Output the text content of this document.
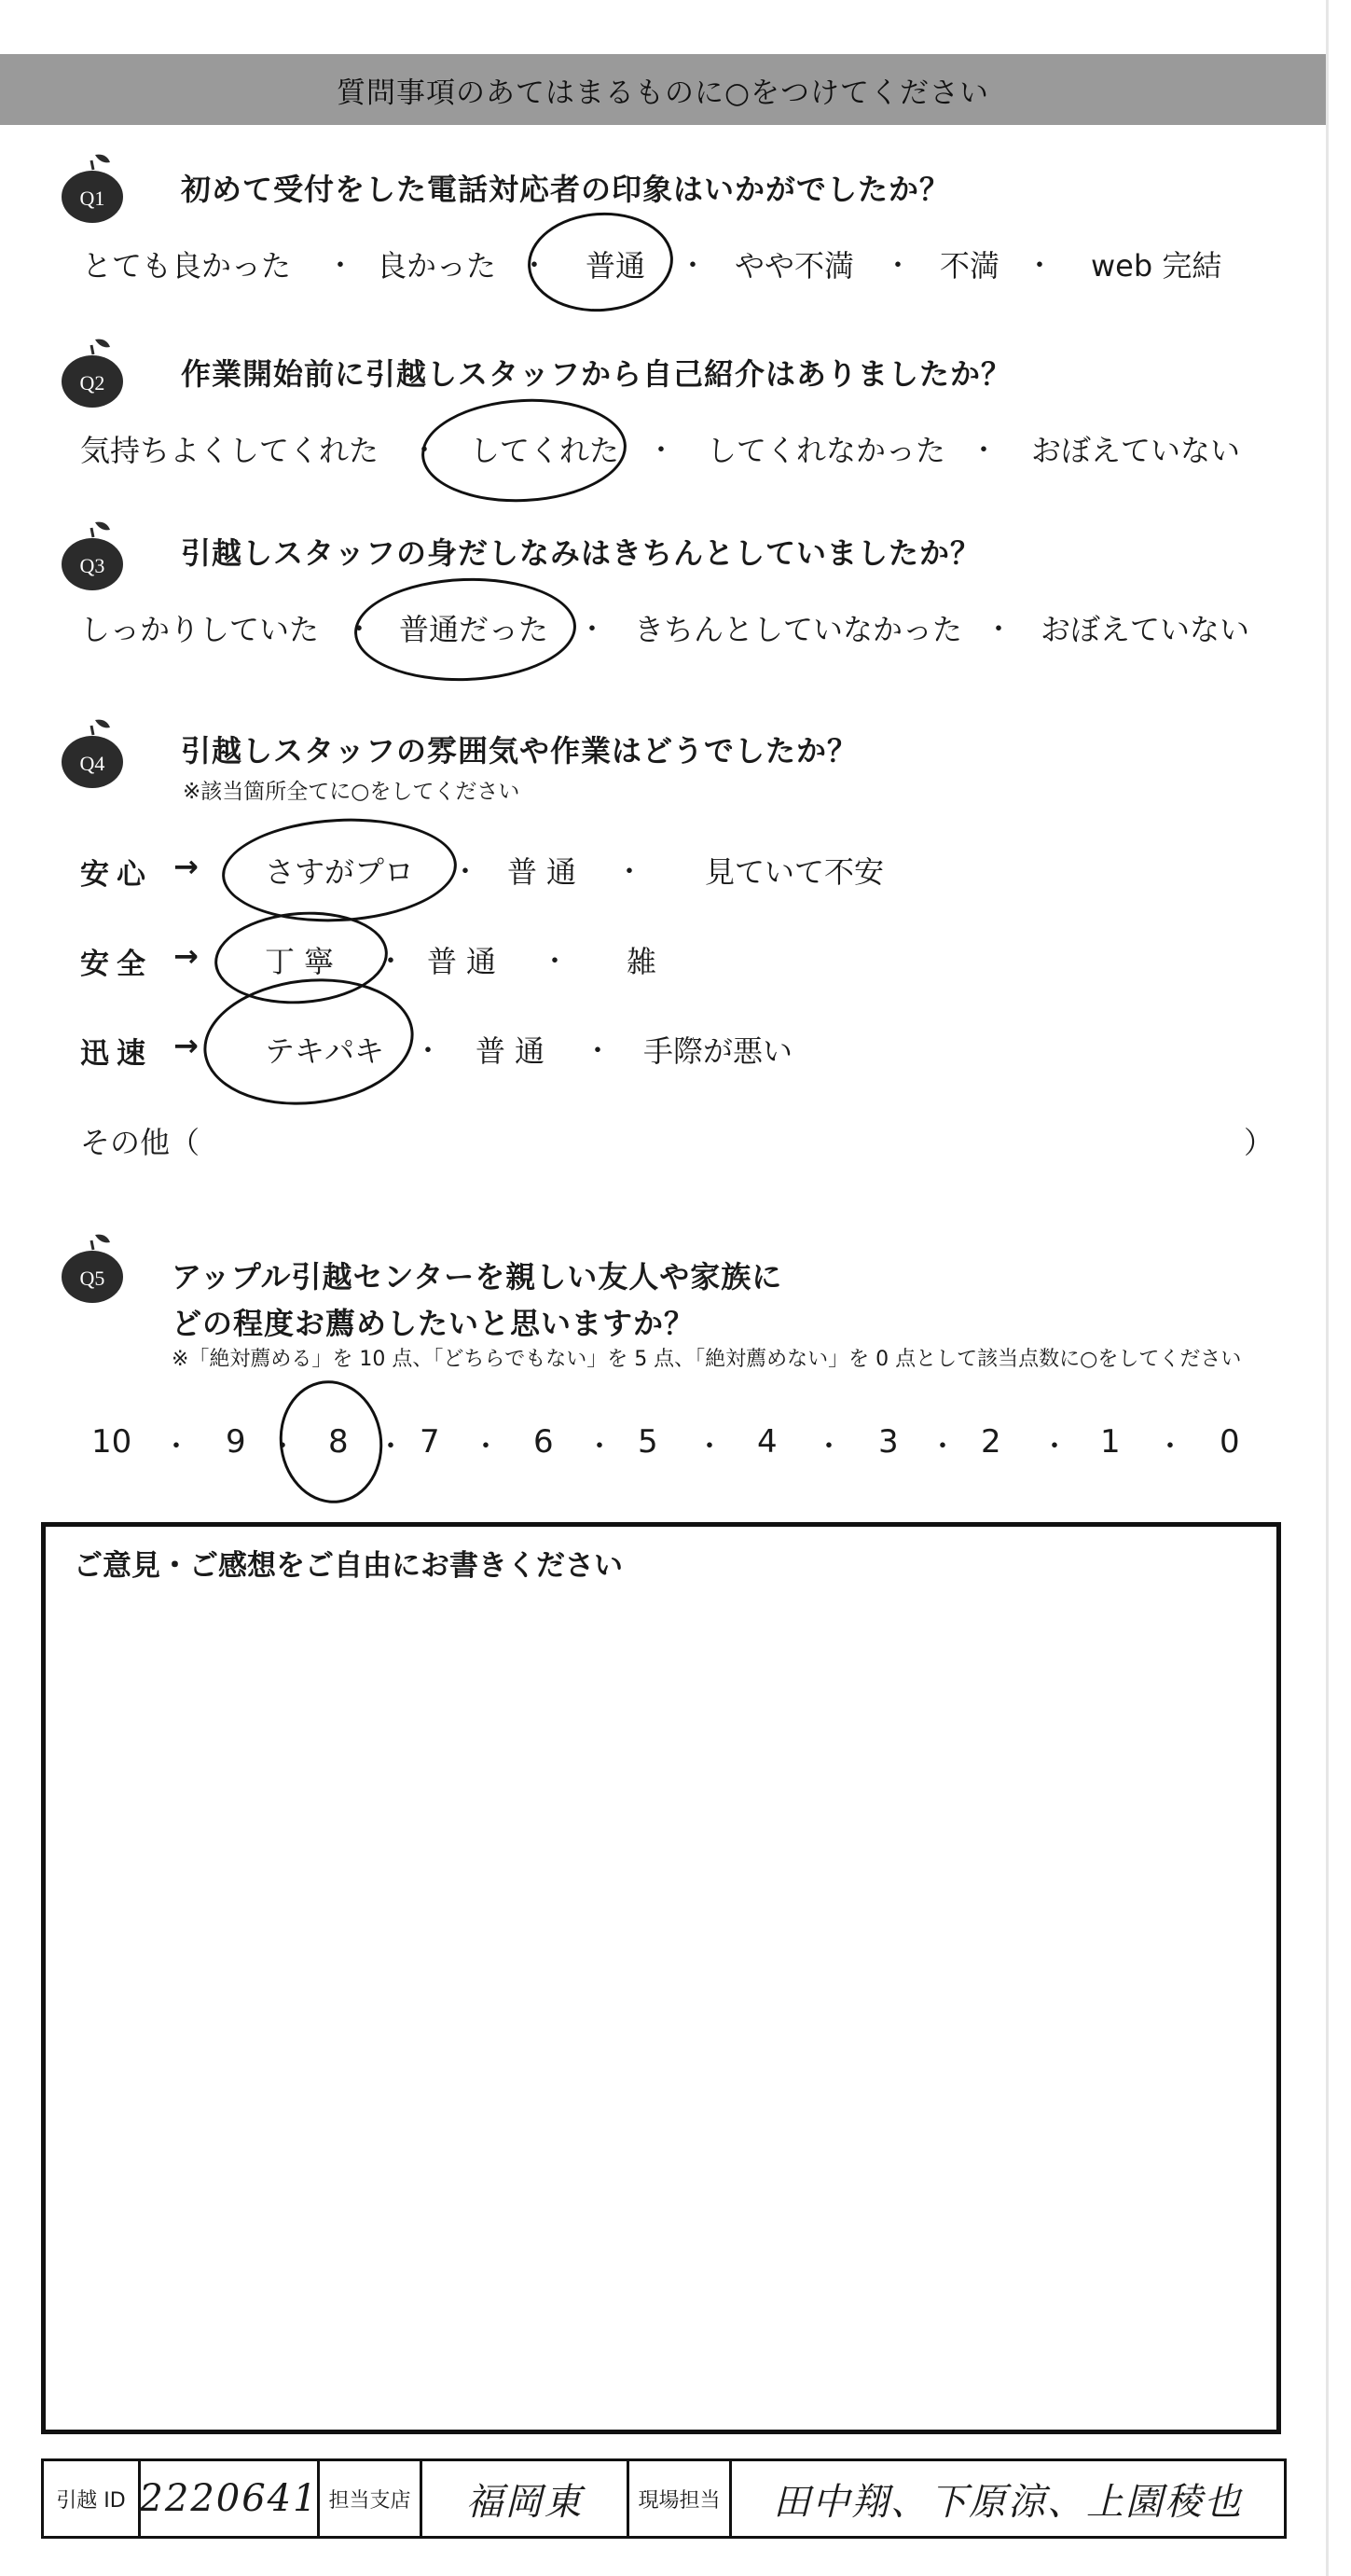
質問事項のあてはまるものに○をつけてください
Q1	初めて受付をした電話対応者の印象はいかがでしたか？
とても良かった ・ 良かった ・ 普通 ・ やや不満 ・ 不満 ・ web 完結
Q2	作業開始前に引越しスタッフから自己紹介はありましたか？
気持ちよくしてくれた ・ してくれた ・ してくれなかった ・ おぼえていない
Q3	引越しスタッフの身だしなみはきちんとしていましたか？
しっかりしていた ・ 普通だった ・ きちんとしていなかった ・ おぼえていない
Q4	引越しスタッフの雰囲気や作業はどうでしたか？
※該当箇所全てに○をしてください
安心 → さすがプロ ・ 普通 ・ 見ていて不安
安全 → 丁寧 ・ 普通 ・ 雑
迅速 → テキパキ ・ 普通 ・ 手際が悪い
その他（	）
Q5 アップル引越センターを親しい友人や家族に
どの程度お薦めしたいと思いますか？
※「絶対薦める」を 10 点、「どちらでもない」を 5 点、「絶対薦めない」を 0 点として該当点数に○をしてください
10 ・ 9 ・ 8 ・ 7 ・ 6 ・ 5 ・ 4 ・ 3 ・ 2 ・ 1 ・ 0
ご意見・ご感想をご自由にお書きください
引越 ID 2220641 担当支店 福岡東	現場担当 田中翔、下原涼、上園稜也
